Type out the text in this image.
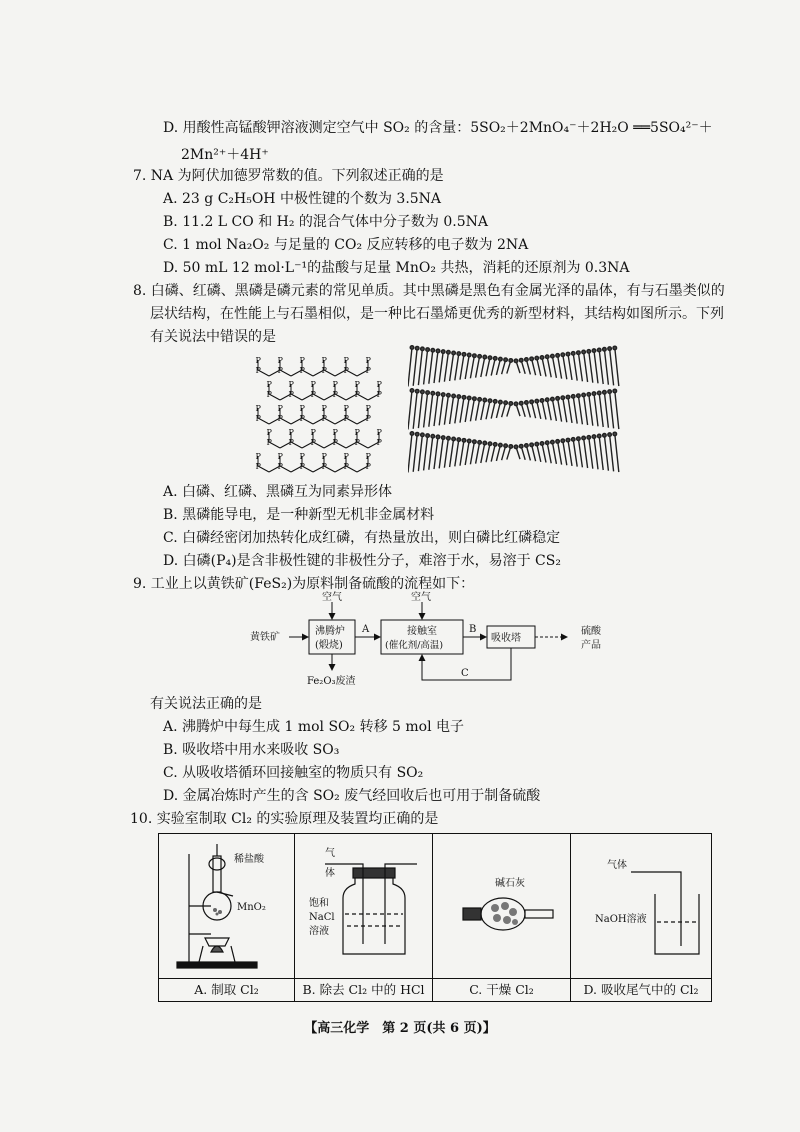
D. 用酸性高锰酸钾溶液测定空气中 SO₂ 的含量：5SO₂＋2MnO₄⁻＋2H₂O ══5SO₄²⁻＋
2Mn²⁺＋4H⁺
7. NA 为阿伏加德罗常数的值。下列叙述正确的是
A. 23 g C₂H₅OH 中极性键的个数为 3.5NA
B. 11.2 L CO 和 H₂ 的混合气体中分子数为 0.5NA
C. 1 mol Na₂O₂ 与足量的 CO₂ 反应转移的电子数为 2NA
D. 50 mL 12 mol·L⁻¹的盐酸与足量 MnO₂ 共热，消耗的还原剂为 0.3NA
8. 白磷、红磷、黑磷是磷元素的常见单质。其中黑磷是黑色有金属光泽的晶体，有与石墨类似的
层状结构，在性能上与石墨相似，是一种比石墨烯更优秀的新型材料，其结构如图所示。下列
有关说法中错误的是
P
P
P
P
P
P
P
P
P
P
P
P
P
P
P
P
P
P
P
P
P
P
P
P
P
P
P
P
P
P
P
P
P
P
P
P
P
P
P
P
P
P
P
P
P
P
P
P
P
P
P
P
P
P
P
P
P
P
P
P
A. 白磷、红磷、黑磷互为同素异形体
B. 黑磷能导电，是一种新型无机非金属材料
C. 白磷经密闭加热转化成红磷，有热量放出，则白磷比红磷稳定
D. 白磷(P₄)是含非极性键的非极性分子，难溶于水，易溶于 CS₂
9. 工业上以黄铁矿(FeS₂)为原料制备硫酸的流程如下：
黄铁矿
空气	空气
沸腾炉
(煅烧)
接触室
(催化剂/高温)
吸收塔
硫酸
产品
Fe₂O₃废渣
A	B
C
有关说法正确的是
A. 沸腾炉中每生成 1 mol SO₂ 转移 5 mol 电子
B. 吸收塔中用水来吸收 SO₃
C. 从吸收塔循环回接触室的物质只有 SO₂
D. 金属冶炼时产生的含 SO₂ 废气经回收后也可用于制备硫酸
10. 实验室制取 Cl₂ 的实验原理及装置均正确的是
稀盐酸
MnO₂	气
体
饱和
NaCl
溶液	碱石灰	气体
NaOH溶液

A. 制取 Cl₂	B. 除去 Cl₂ 中的 HCl	C. 干燥 Cl₂	D. 吸收尾气中的 Cl₂
【高三化学　第 2 页(共 6 页)】
